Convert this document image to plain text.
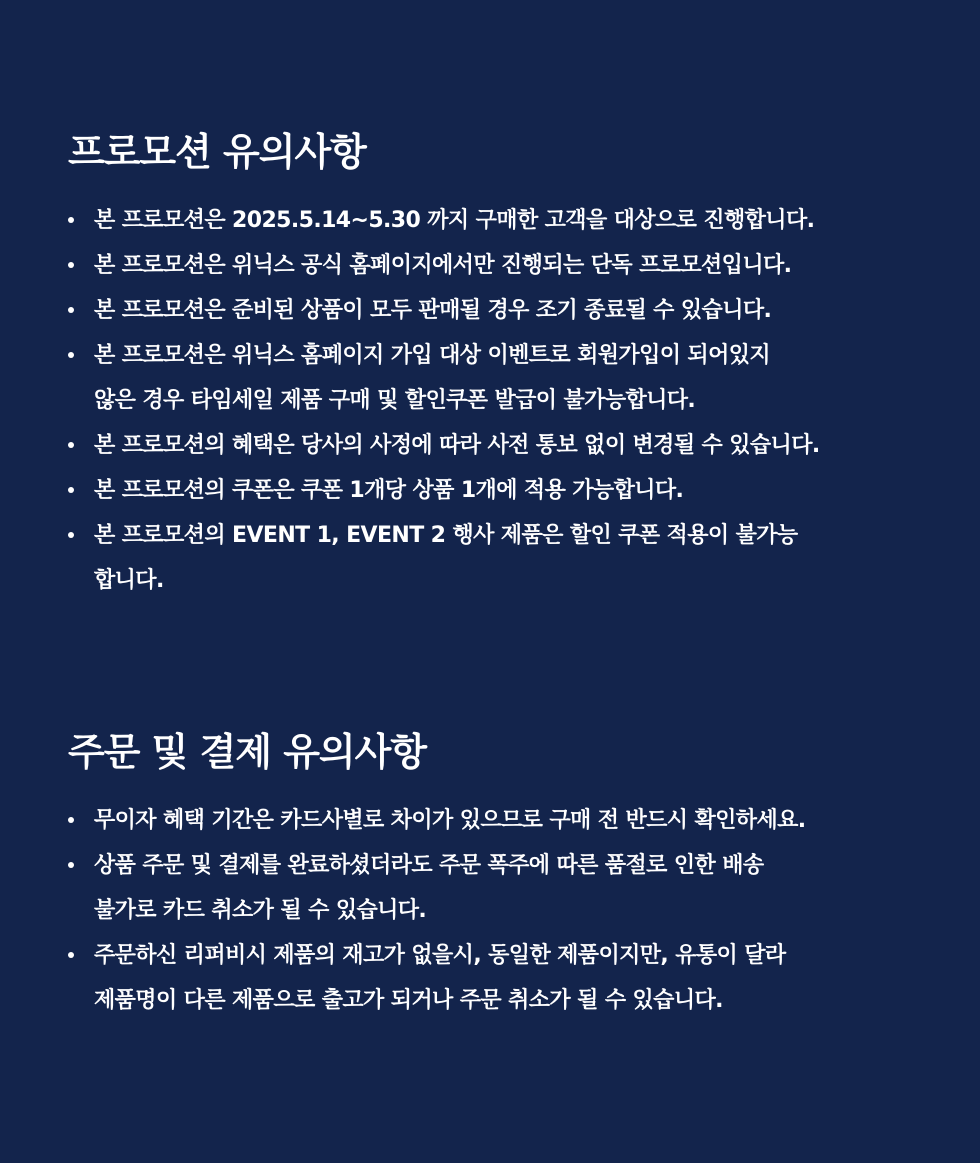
프로모션 유의사항
본 프로모션은 2025.5.14~5.30 까지 구매한 고객을 대상으로 진행합니다.
본 프로모션은 위닉스 공식 홈페이지에서만 진행되는 단독 프로모션입니다.
본 프로모션은 준비된 상품이 모두 판매될 경우 조기 종료될 수 있습니다.
본 프로모션은 위닉스 홈페이지 가입 대상 이벤트로 회원가입이 되어있지
않은 경우 타임세일 제품 구매 및 할인쿠폰 발급이 불가능합니다.
본 프로모션의 혜택은 당사의 사정에 따라 사전 통보 없이 변경될 수 있습니다.
본 프로모션의 쿠폰은 쿠폰 1개당 상품 1개에 적용 가능합니다.
본 프로모션의 EVENT 1, EVENT 2 행사 제품은 할인 쿠폰 적용이 불가능
합니다.
주문 및 결제 유의사항
무이자 혜택 기간은 카드사별로 차이가 있으므로 구매 전 반드시 확인하세요.
상품 주문 및 결제를 완료하셨더라도 주문 폭주에 따른 품절로 인한 배송
불가로 카드 취소가 될 수 있습니다.
주문하신 리퍼비시 제품의 재고가 없을시, 동일한 제품이지만, 유통이 달라
제품명이 다른 제품으로 출고가 되거나 주문 취소가 될 수 있습니다.
